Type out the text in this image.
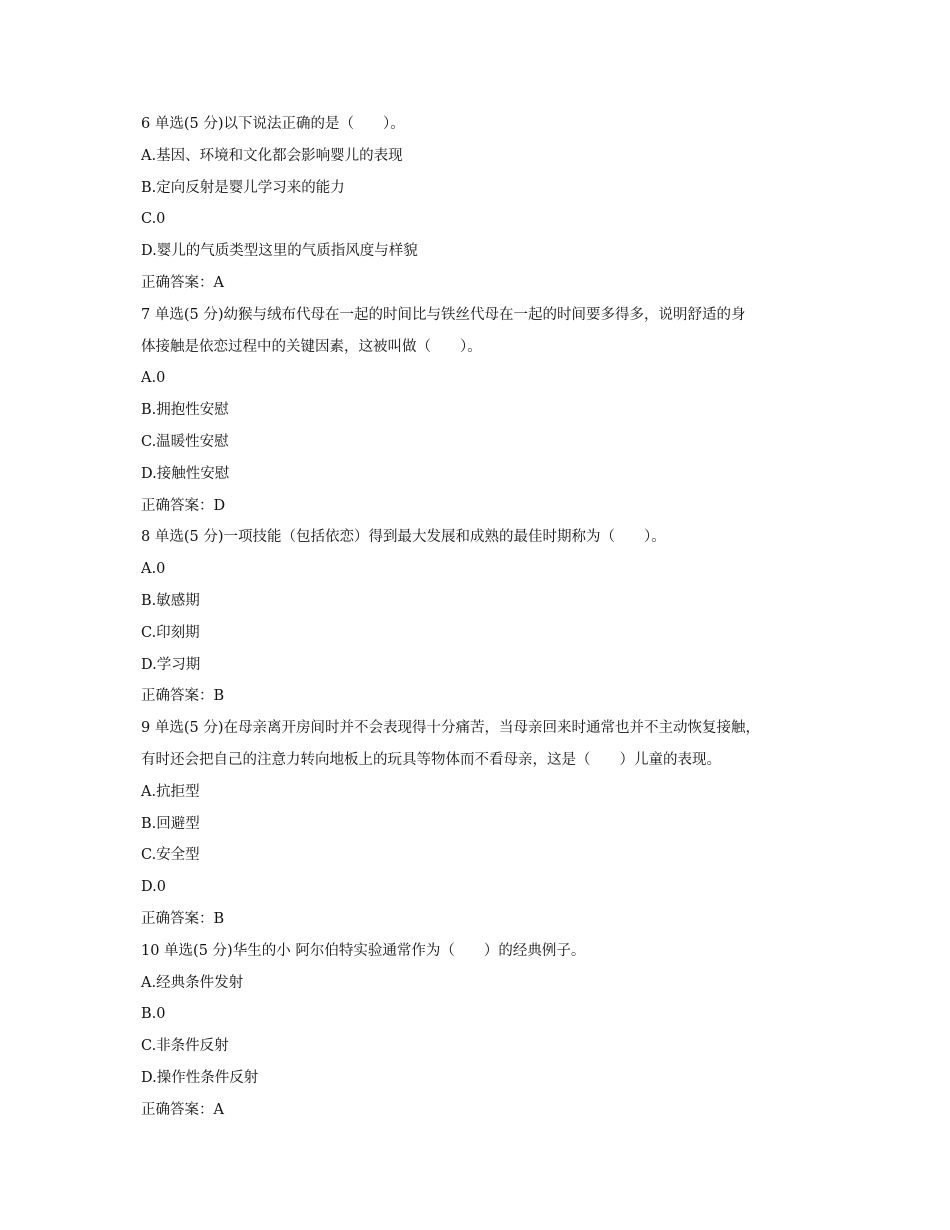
6 单选(5 分)以下说法正确的是（　　）。
A.基因、环境和文化都会影响婴儿的表现
B.定向反射是婴儿学习来的能力
C.0
D.婴儿的气质类型这里的气质指风度与样貌
正确答案：A
7 单选(5 分)幼猴与绒布代母在一起的时间比与铁丝代母在一起的时间要多得多，说明舒适的身
体接触是依恋过程中的关键因素，这被叫做（　　）。
A.0
B.拥抱性安慰
C.温暖性安慰
D.接触性安慰
正确答案：D
8 单选(5 分)一项技能（包括依恋）得到最大发展和成熟的最佳时期称为（　　）。
A.0
B.敏感期
C.印刻期
D.学习期
正确答案：B
9 单选(5 分)在母亲离开房间时并不会表现得十分痛苦，当母亲回来时通常也并不主动恢复接触，
有时还会把自己的注意力转向地板上的玩具等物体而不看母亲，这是（　　）儿童的表现。
A.抗拒型
B.回避型
C.安全型
D.0
正确答案：B
10 单选(5 分)华生的小 阿尔伯特实验通常作为（　　）的经典例子。
A.经典条件发射
B.0
C.非条件反射
D.操作性条件反射
正确答案：A
